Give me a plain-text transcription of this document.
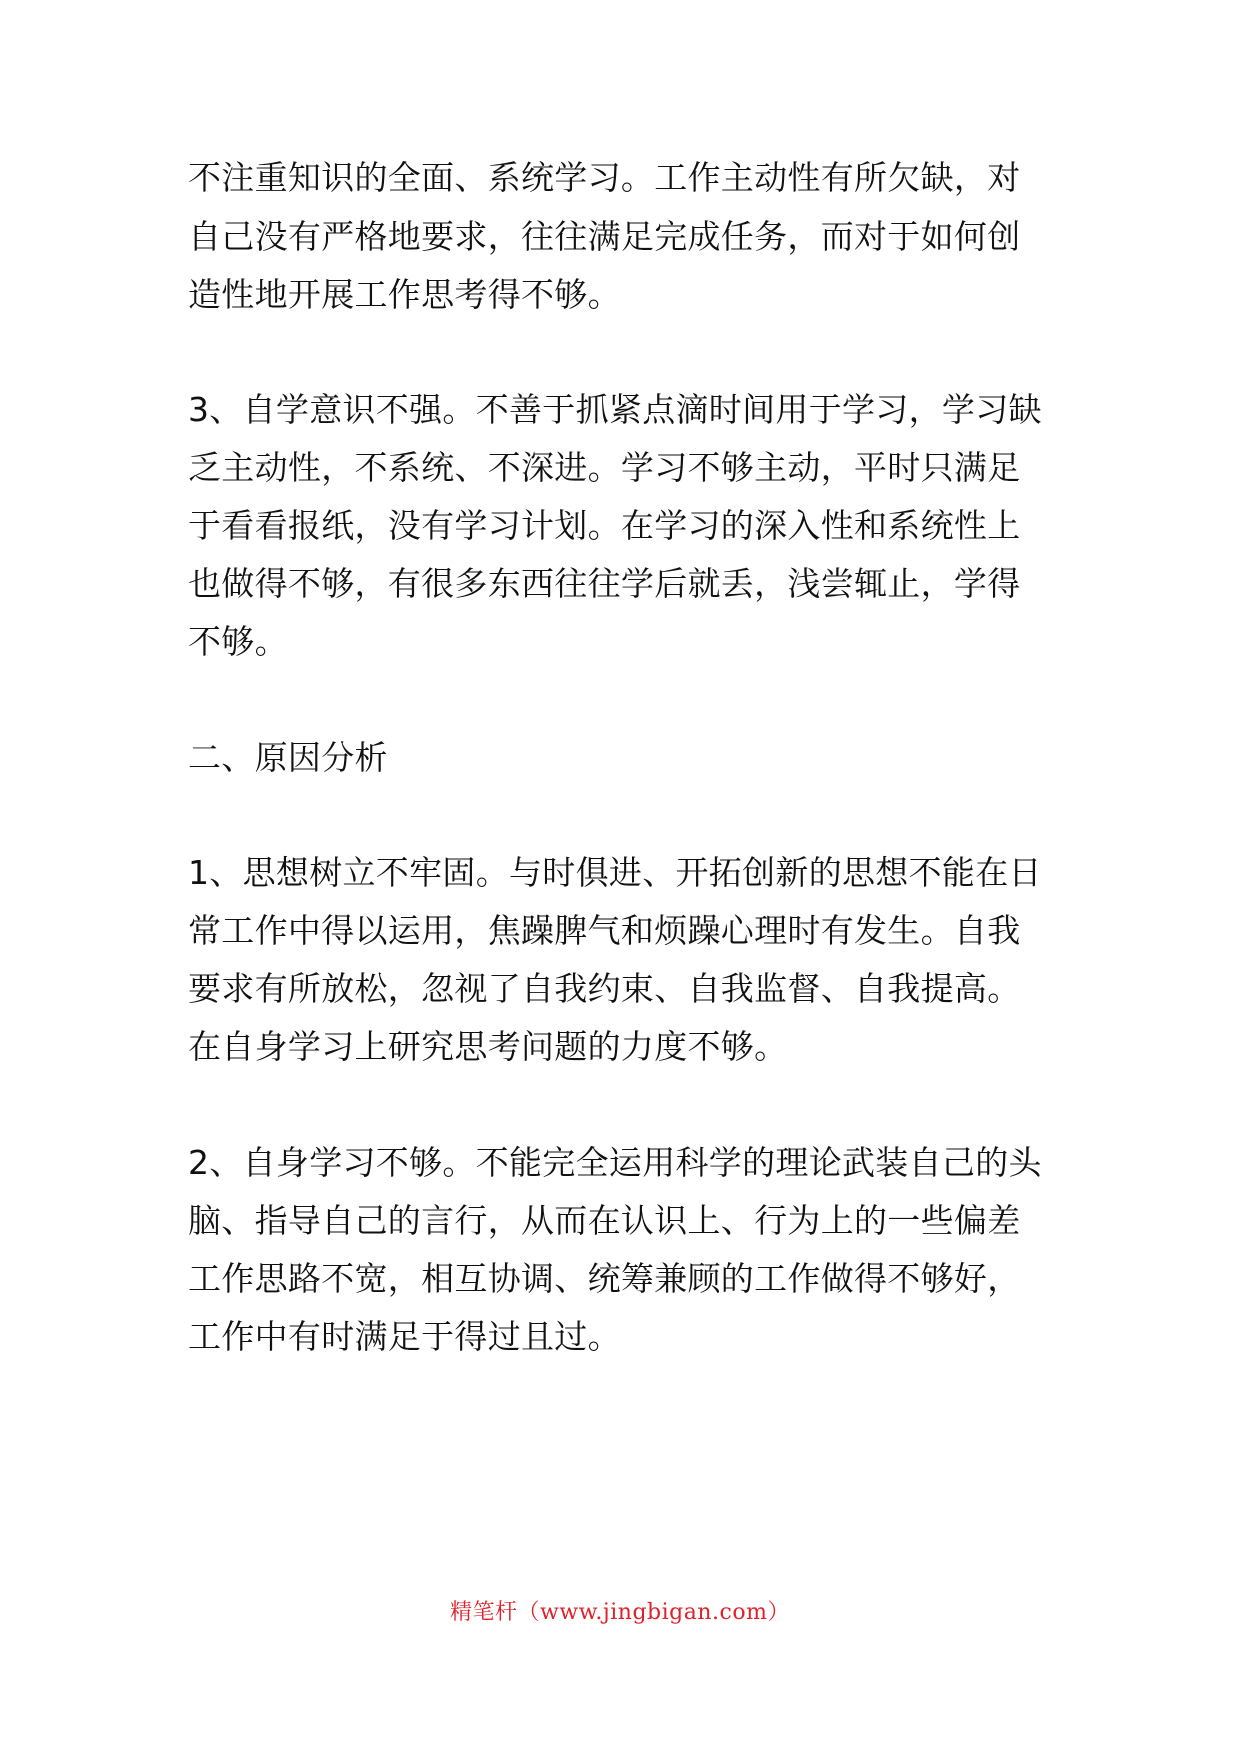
不注重知识的全面、系统学习。工作主动性有所欠缺，对
自己没有严格地要求，往往满足完成任务，而对于如何创
造性地开展工作思考得不够。
3、自学意识不强。不善于抓紧点滴时间用于学习，学习缺
乏主动性，不系统、不深进。学习不够主动，平时只满足
于看看报纸，没有学习计划。在学习的深入性和系统性上
也做得不够，有很多东西往往学后就丢，浅尝辄止，学得
不够。
二、原因分析
1、思想树立不牢固。与时俱进、开拓创新的思想不能在日
常工作中得以运用，焦躁脾气和烦躁心理时有发生。自我
要求有所放松，忽视了自我约束、自我监督、自我提高。
在自身学习上研究思考问题的力度不够。
2、自身学习不够。不能完全运用科学的理论武装自己的头
脑、指导自己的言行，从而在认识上、行为上的一些偏差
工作思路不宽，相互协调、统筹兼顾的工作做得不够好，
工作中有时满足于得过且过。
精笔杆（www.jingbigan.com）
